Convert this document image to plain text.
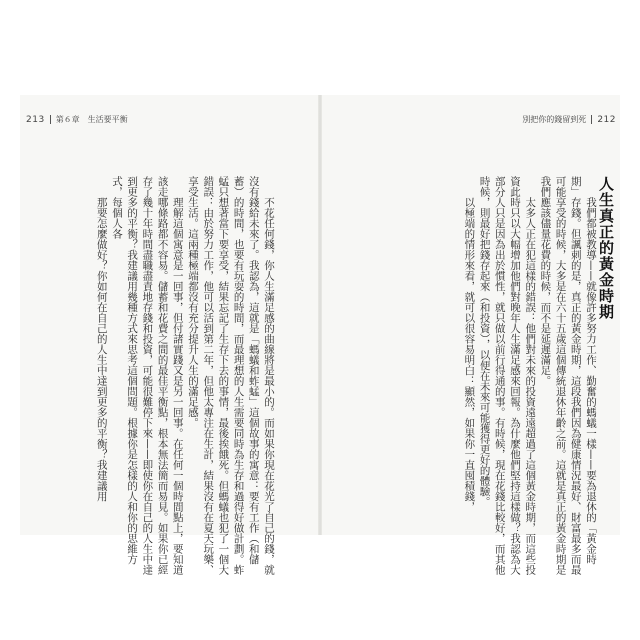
213 第６章　生活要平衡	別把你的錢留到死 212
人生真正的黃金時期

我們都被教導——就像許多努力工作、勤奮的螞蟻一樣——要為退休的「黃金時期」存錢。但諷刺的是，真正的黃金時期，這段我們因為健康情況最好、財富最多而最可能享受的時候，大多是在六十五歲這個傳統退休年齡之前。這就是真正的黃金時期是我們應該儘量花費的時候，而不是延遲滿足。

太多人正在犯這樣的錯誤：他們對未來的投資遠遠超過了這個黃金時期，而這些投資此時只以大幅增加他們對晚年人生滿足感來回報。為什麼他們堅持這樣做？我認為大部分人只是因為出於慣性，就只做以前行得通的事。有時候，現在花錢比較好，而其他時候，則最好把錢存起來（和投資），以便在未來可能獲得更好的體驗。

以極端的情形來看，就可以很容易明白：顯然，如果你一直囤積錢，

不花任何錢，你人生滿足感的曲線將是最小的。而如果你現在花光了自己的錢，就沒有錢給未來了。我認為，這就是「螞蟻和蚱蜢」這個故事的寓意：要有工作（和儲蓄）的時間，也要有玩耍的時間，而最理想的人生需要同時為生存和過得好做計劃。蚱蜢只想著當下要享受，結果忘記了生存下去的事情，最後挨餓死。但螞蟻也犯了一個大錯誤：由於努力工作，他可以活到第二年，但他太專注在生計，結果沒有在夏天玩樂、享受生活。這兩種極端都沒有充分提升人生的滿足感。

理解這個寓意是一回事，但付諸實踐又是另一回事。在任何一個時間點上，要知道該走哪條路都不容易。儲蓄和花費之間的最佳平衡點，根本無法簡而易見。如果你已經存了幾十年時間盡職盡責地存錢和投資，可能很難停下來——即使你在自己的人生中達到更多的平衡？我建議用幾種方式來思考這個問題。根據你是怎樣的人和你的思維方式，每個人各

那要怎麼做好？你如何在自己的人生中達到更多的平衡？我建議用
